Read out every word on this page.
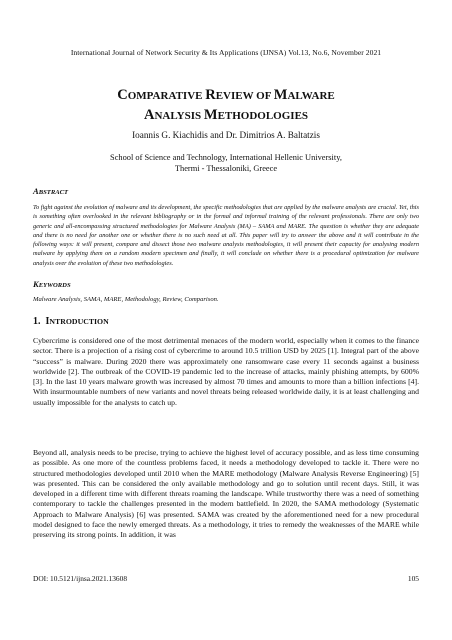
International Journal of Network Security & Its Applications (IJNSA) Vol.13, No.6, November 2021
COMPARATIVE REVIEW OF MALWARE
ANALYSIS METHODOLOGIES
Ioannis G. Kiachidis and Dr. Dimitrios A. Baltatzis
School of Science and Technology, International Hellenic University,
Thermi - Thessaloniki, Greece
ABSTRACT

To fight against the evolution of malware and its development, the specific methodologies that are applied by the malware analysts are crucial. Yet, this is something often overlooked in the relevant bibliography or in the formal and informal training of the relevant professionals. There are only two generic and all-encompassing structured methodologies for Malware Analysis (MA) – SAMA and MARE. The question is whether they are adequate and there is no need for another one or whether there is no such need at all. This paper will try to answer the above and it will contribute in the following ways: it will present, compare and dissect those two malware analysis methodologies, it will present their capacity for analysing modern malware by applying them on a random modern specimen and finally, it will conclude on whether there is a procedural optimization for malware analysis over the evolution of these two methodologies.

KEYWORDS

Malware Analysis, SAMA, MARE, Methodology, Review, Comparison.

1. INTRODUCTION

Cybercrime is considered one of the most detrimental menaces of the modern world, especially when it comes to the finance sector. There is a projection of a rising cost of cybercrime to around 10.5 trillion USD by 2025 [1]. Integral part of the above “success” is malware. During 2020 there was approximately one ransomware case every 11 seconds against a business worldwide [2]. The outbreak of the COVID-19 pandemic led to the increase of attacks, mainly phishing attempts, by 600% [3]. In the last 10 years malware growth was increased by almost 70 times and amounts to more than a billion infections [4]. With insurmountable numbers of new variants and novel threats being released worldwide daily, it is at least challenging and usually impossible for the analysts to catch up.

Beyond all, analysis needs to be precise, trying to achieve the highest level of accuracy possible, and as less time consuming as possible. As one more of the countless problems faced, it needs a methodology developed to tackle it. There were no structured methodologies developed until 2010 when the MARE methodology (Malware Analysis Reverse Engineering) [5] was presented. This can be considered the only available methodology and go to solution until recent days. Still, it was developed in a different time with different threats roaming the landscape. While trustworthy there was a need of something contemporary to tackle the challenges presented in the modern battlefield. In 2020, the SAMA methodology (Systematic Approach to Malware Analysis) [6] was presented. SAMA was created by the aforementioned need for a new procedural model designed to face the newly emerged threats. As a methodology, it tries to remedy the weaknesses of the MARE while preserving its strong points. In addition, it was

DOI: 10.5121/ijnsa.2021.13608	105
